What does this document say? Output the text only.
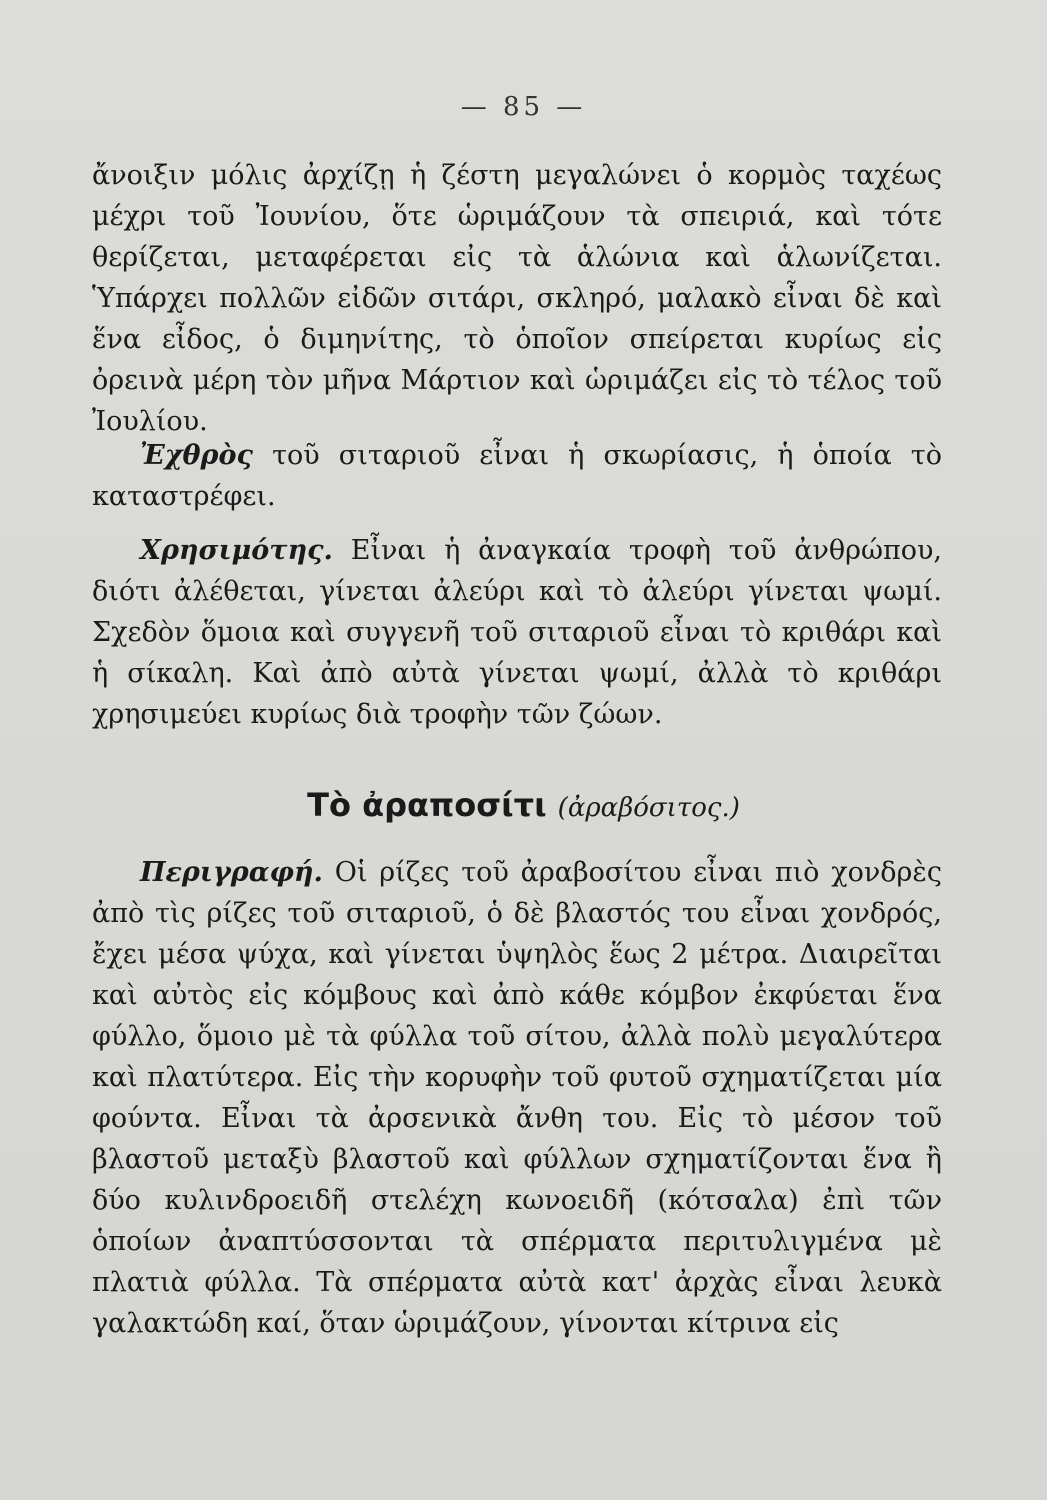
— 85 —

ἄνοιξιν μόλις ἀρχίζῃ ἡ ζέστη μεγαλώνει ὁ κορμὸς ταχέως μέχρι τοῦ Ἰουνίου, ὅτε ὡριμάζουν τὰ σπειριά, καὶ τότε θερίζεται, μεταφέρεται εἰς τὰ ἁλώνια καὶ ἁλωνίζεται. Ὑπάρχει πολλῶν εἰδῶν σιτάρι, σκληρό, μαλακὸ εἶναι δὲ καὶ ἕνα εἶδος, ὁ διμηνίτης, τὸ ὁποῖον σπείρεται κυρίως εἰς ὀρεινὰ μέρη τὸν μῆνα Μάρτιον καὶ ὡριμάζει εἰς τὸ τέλος τοῦ Ἰουλίου.

Ἐχθρὸς τοῦ σιταριοῦ εἶναι ἡ σκωρίασις, ἡ ὁποία τὸ καταστρέφει.

Χρησιμότης. Εἶναι ἡ ἀναγκαία τροφὴ τοῦ ἀνθρώπου, διότι ἀλέθεται, γίνεται ἀλεύρι καὶ τὸ ἀλεύρι γίνεται ψωμί. Σχεδὸν ὅμοια καὶ συγγενῆ τοῦ σιταριοῦ εἶναι τὸ κριθάρι καὶ ἡ σίκαλη. Καὶ ἀπὸ αὐτὰ γίνεται ψωμί, ἀλλὰ τὸ κριθάρι χρησιμεύει κυρίως διὰ τροφὴν τῶν ζώων.

Τὸ ἀραποσίτι (ἀραβόσιτος.)

Περιγραφή. Οἱ ρίζες τοῦ ἀραβοσίτου εἶναι πιὸ χονδρὲς ἀπὸ τὶς ρίζες τοῦ σιταριοῦ, ὁ δὲ βλαστός του εἶναι χονδρός, ἔχει μέσα ψύχα, καὶ γίνεται ὑψηλὸς ἕως 2 μέτρα. Διαιρεῖται καὶ αὐτὸς εἰς κόμβους καὶ ἀπὸ κάθε κόμβον ἐκφύεται ἕνα φύλλο, ὅμοιο μὲ τὰ φύλλα τοῦ σίτου, ἀλλὰ πολὺ μεγαλύτερα καὶ πλατύτερα. Εἰς τὴν κορυφὴν τοῦ φυτοῦ σχηματίζεται μία φούντα. Εἶναι τὰ ἀρσενικὰ ἄνθη του. Εἰς τὸ μέσον τοῦ βλαστοῦ μεταξὺ βλαστοῦ καὶ φύλλων σχηματίζονται ἕνα ἢ δύο κυλινδροειδῆ στελέχη κωνοειδῆ (κότσαλα) ἐπὶ τῶν ὁποίων ἀναπτύσσονται τὰ σπέρματα περιτυλιγμένα μὲ πλατιὰ φύλλα. Τὰ σπέρματα αὐτὰ κατ' ἀρχὰς εἶναι λευκὰ γαλακτώδη καί, ὅταν ὡριμάζουν, γίνονται κίτρινα εἰς
